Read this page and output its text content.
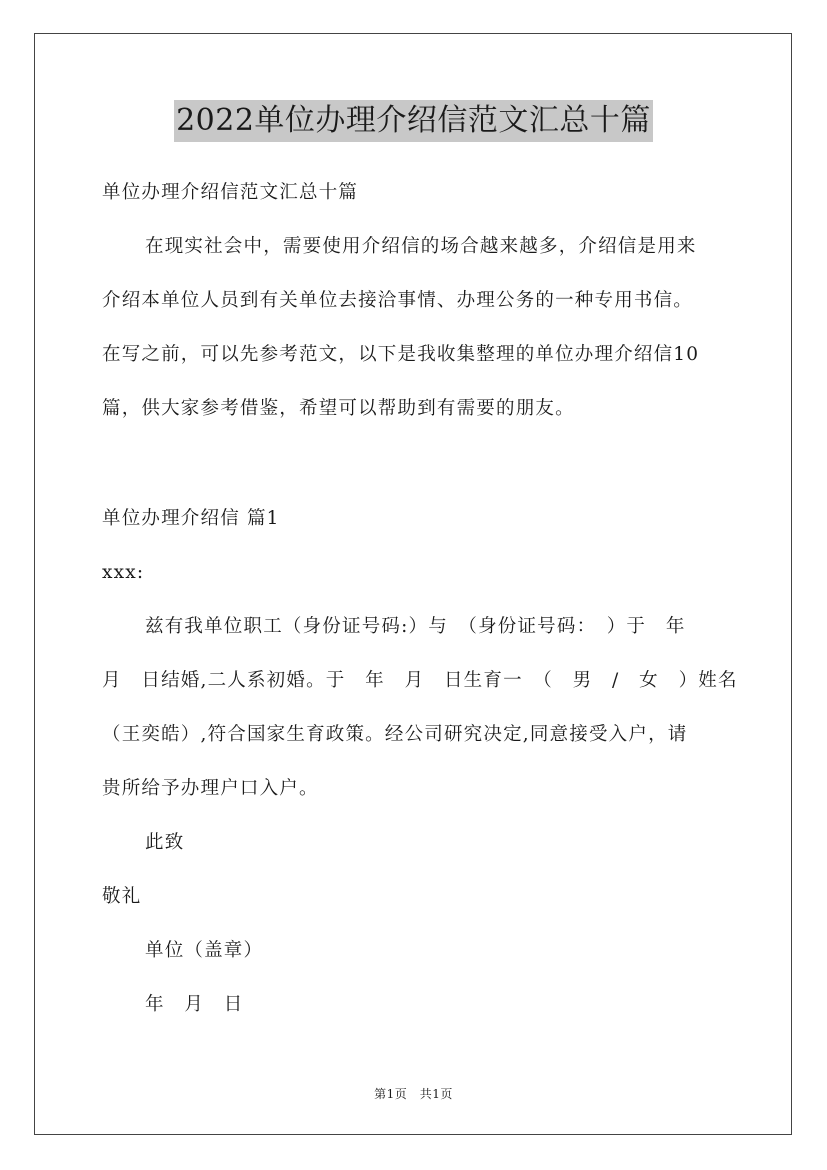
2022单位办理介绍信范文汇总十篇
单位办理介绍信范文汇总十篇
在现实社会中，需要使用介绍信的场合越来越多，介绍信是用来
介绍本单位人员到有关单位去接洽事情、办理公务的一种专用书信。
在写之前，可以先参考范文，以下是我收集整理的单位办理介绍信10
篇，供大家参考借鉴，希望可以帮助到有需要的朋友。
单位办理介绍信 篇1
xxx:
兹有我单位职工（身份证号码:）与　（身份证号码：　）于　年
月　日结婚,二人系初婚。于　年　月　日生育一　（　男　/　女　）姓名
（王奕皓）,符合国家生育政策。经公司研究决定,同意接受入户，请
贵所给予办理户口入户。
此致
敬礼
单位（盖章）
年　月　日
第1页　共1页
